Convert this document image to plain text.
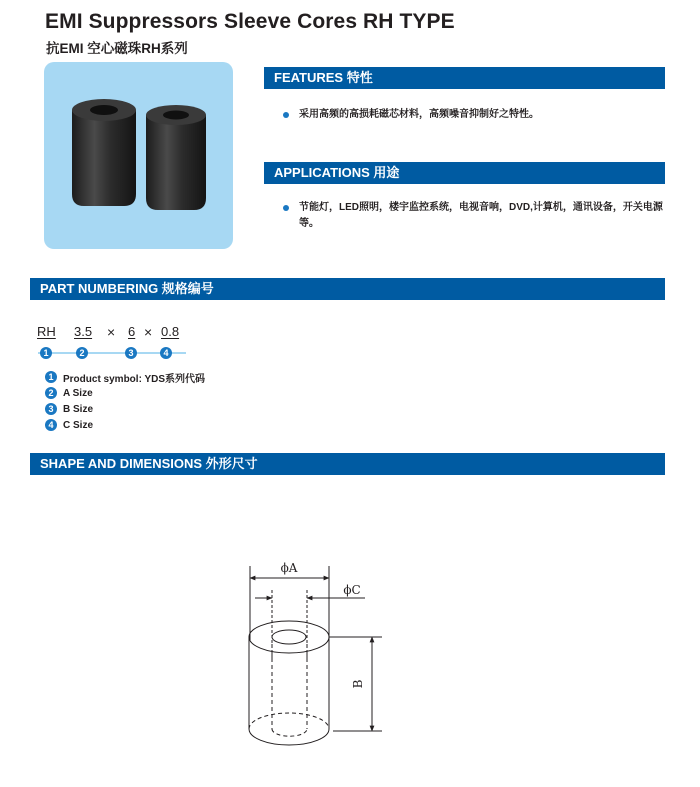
EMI Suppressors Sleeve Cores RH TYPE
抗EMI 空心磁珠RH系列
FEATURES 特性
采用高频的高损耗磁芯材料，高频噪音抑制好之特性。
APPLICATIONS 用途
节能灯，LED照明，楼宇监控系统，电视音响，DVD,计算机，通讯设备，开关电源等。
PART NUMBERING 规格编号
RH 3.5 × 6 × 0.8
1	2	3	4
1 Product symbol: YDS系列代码
2 A Size
3 B Size
4 C Size
SHAPE AND DIMENSIONS 外形尺寸
ϕA
ϕC
B
